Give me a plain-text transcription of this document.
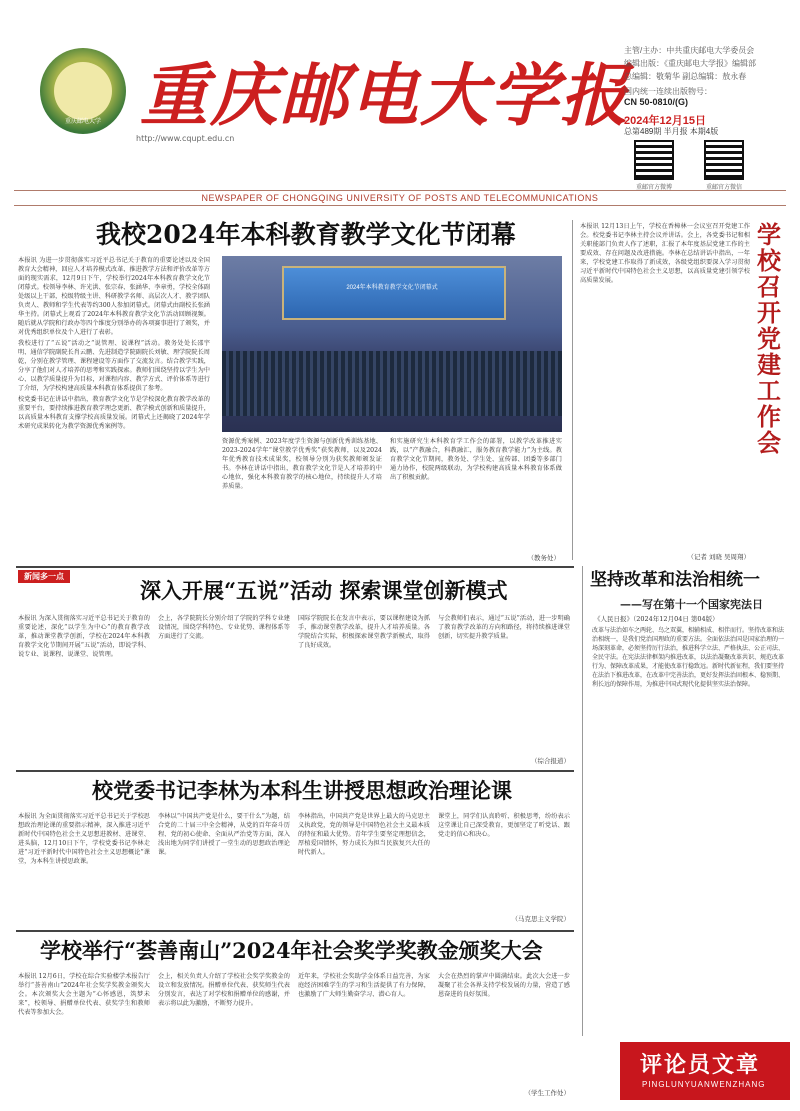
重庆邮电大学 重庆邮电大学报
http://www.cqupt.edu.cn
主管/主办：中共重庆邮电大学委员会
编辑出版：《重庆邮电大学报》编辑部
总编辑：敬菊华 副总编辑：敖永春
国内统一连续出版物号：
CN 50-0810/(G)
2024年12月15日
总第489期 半月报 本期4版
重邮官方微博	重邮官方微信
NEWSPAPER OF CHONGQING UNIVERSITY OF POSTS AND TELECOMMUNICATIONS
我校2024年本科教育教学文化节闭幕

本报讯 为进一步贯彻落实习近平总书记关于教育的重要论述以及全国教育大会精神，回应人才培养模式改革、推进教学方法和评价改革等方面的现实需求，12月9日下午，学校举行2024年本科教育教学文化节闭幕式。校领导李林、许光洪、张宗春、张涵华、李章勇，学校全体副处级以上干部，校级特级主讲、科研教学名师、高层次人才、教学团队负责人、教师和学生代表等约300人参加闭幕式。闭幕式由副校长张涵华主持。闭幕式上观看了2024年本科教育教学文化节活动回顾视频。随后就从学院和行政办等四个维度分别举办的各项赛事进行了颁奖，并对优秀组织单位及个人进行了表彰。

我校进行了“五说”活动之“说管理、说课程”活动。教务处处长邵宇明、通信学院副院长肖云鹏、先进制造学院副院长刘敏、理学院院长周乾，分别在教学管理、课程建设等方面作了交流发言。结合教学实践，分享了他们对人才培养的思考和实践探索。教师们围绕坚持以学生为中心、以教学质量提升为目标，对课程内容、教学方式、评价体系等进行了介绍，为学校构建高质量本科教育体系提供了参考。

校党委书记在讲话中指出，教育教学文化节是学校深化教育教学改革的重要平台，要持续推进教育教学理念更新、教学模式创新和质量提升，以高质量本科教育支撑学校高质量发展。闭幕式上还揭晓了2024年学术研究成果转化为教学资源优秀案例等。

2024年本科教育教学文化节闭幕式
资源优秀案例、2023年度学生资源与创新优秀训练基地、2023-2024学年“课堂教学优秀奖”获奖教师，以及2024年优秀教育技术成果奖，校领导分别为获奖教师颁发证书。李林在讲话中指出，教育教学文化节是人才培养的中心地位，强化本科教育教学的核心地位，持续提升人才培养质量。
和实施研究生本科教育学工作会的部署，以教学改革推进实践，以“产教融合，科教融汇，服务教育教学能力”为主线。教育教学文化节期间，教务处、学生处、宣传部、团委等多部门通力协作，校院两级联动，为学校构建高质量本科教育体系做出了积极贡献。
（教务处）
本报讯 12月13日上午，学校在香樟林一会议室召开党建工作会。校党委书记李林主持会议并讲话。会上，各党委书记和相关职能部门负责人作了述职，汇报了本年度基层党建工作的主要成效、存在问题及改进措施。李林在总结讲话中指出，一年来，学校党建工作取得了新成效，各级党组织要深入学习贯彻习近平新时代中国特色社会主义思想，以高质量党建引领学校高质量发展。
（记者 刘晓 吴周翔）
学校召开党建工作会
新闻多一点
深入开展“五说”活动 探索课堂创新模式
本报讯 为深入贯彻落实习近平总书记关于教育的重要论述，深化“以学生为中心”的教育教学改革，推动课堂教学创新，学校在2024年本科教育教学文化节期间开展“五说”活动，即说学科、说专业、说课程、说课堂、说管理。
会上，各学院院长分别介绍了学院的学科专业建设情况，围绕学科特色、专业优势、课程体系等方面进行了交流。
国际学院院长在发言中表示，要以课程建设为抓手，推动课堂教学改革，提升人才培养质量。各学院结合实际，积极探索课堂教学新模式，取得了良好成效。
与会教师们表示，通过“五说”活动，进一步明确了教育教学改革的方向和路径，将持续推进课堂创新，切实提升教学质量。
（综合报道）
校党委书记李林为本科生讲授思想政治理论课
本报讯 为全面贯彻落实习近平总书记关于学校思想政治理论课的重要指示精神，深入推进习近平新时代中国特色社会主义思想进教材、进课堂、进头脑，12月10日下午，学校党委书记李林走进“习近平新时代中国特色社会主义思想概论”课堂，为本科生讲授思政课。
李林以“中国共产党是什么，要干什么”为题，结合党的二十届三中全会精神，从党的百年奋斗历程、党的初心使命、全面从严治党等方面，深入浅出地为同学们讲授了一堂生动的思想政治理论课。
李林指出，中国共产党是世界上最大的马克思主义执政党，党的领导是中国特色社会主义最本质的特征和最大优势。青年学生要坚定理想信念，厚植爱国情怀，努力成长为担当民族复兴大任的时代新人。
课堂上，同学们认真聆听、积极思考，纷纷表示这堂课让自己深受教育，更加坚定了听党话、跟党走的信心和决心。
（马克思主义学院）
学校举行“荟善南山”2024年社会奖学奖教金颁奖大会
本报讯 12月6日，学校在综合实验楼学术报告厅举行“荟善南山”2024年社会奖学奖教金颁奖大会。本次颁奖大会主题为“心怀感恩，筑梦未来”，校领导、捐赠单位代表、获奖学生和教师代表等参加大会。
会上，相关负责人介绍了学校社会奖学奖教金的设立和发放情况。捐赠单位代表、获奖师生代表分别发言，表达了对学校和捐赠单位的感谢，并表示将以此为激励，不断努力提升。
近年来，学校社会奖助学金体系日益完善，为家庭经济困难学生的学习和生活提供了有力保障，也激励了广大师生勤奋学习、潜心育人。
大会在热烈的掌声中圆满结束。此次大会进一步凝聚了社会各界支持学校发展的力量，营造了感恩奋进的良好氛围。
（学生工作处）
坚持改革和法治相统一
——写在第十一个国家宪法日
《人民日报》（2024年12月04日 第04版）
改革与法治如车之两轮、鸟之双翼，相辅相成、相伴而行。坚持改革和法治相统一，是我们党治国理政的重要方法。全面依法治国是国家治理的一场深刻革命，必须坚持厉行法治，推进科学立法、严格执法、公正司法、全民守法。在宪法法律框架内推进改革，以法治凝聚改革共识、规范改革行为、保障改革成果，才能使改革行稳致远。新时代新征程，我们要坚持在法治下推进改革，在改革中完善法治，更好发挥法治固根本、稳预期、利长远的保障作用，为推进中国式现代化提供坚实法治保障。
评论员文章
PINGLUNYUANWENZHANG
